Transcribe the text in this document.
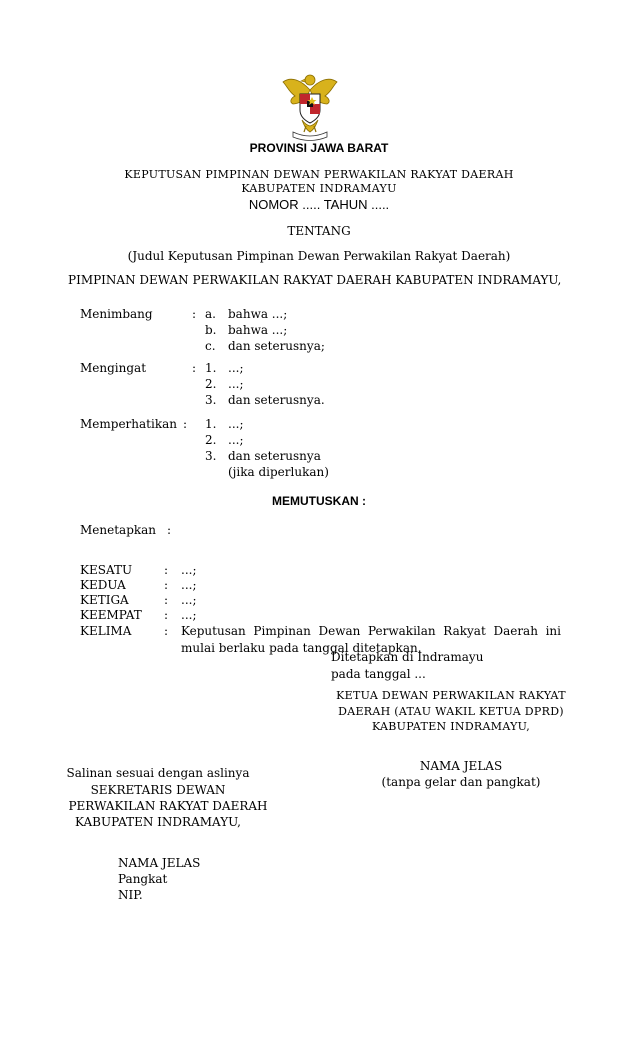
PROVINSI JAWA BARAT
KEPUTUSAN PIMPINAN DEWAN PERWAKILAN RAKYAT DAERAH
KABUPATEN INDRAMAYU
NOMOR ..... TAHUN .....
TENTANG
(Judul Keputusan Pimpinan Dewan Perwakilan Rakyat Daerah)
PIMPINAN DEWAN PERWAKILAN RAKYAT DAERAH KABUPATEN INDRAMAYU,
Menimbang	: a. bahwa ...;
b. bahwa ...;
c. dan seterusnya;
Mengingat	: 1. ...;
2. ...;
3. dan seterusnya.
Memperhatikan : 1. ...;
2. ...;
3. dan seterusnya
(jika diperlukan)
MEMUTUSKAN :
Menetapkan :
KESATU	: ...;
KEDUA	: ...;
KETIGA	: ...;
KEEMPAT : ...;
KELIMA	: Keputusan Pimpinan Dewan Perwakilan Rakyat Daerah ini
mulai berlaku pada tanggal ditetapkan.
Ditetapkan di Indramayu
pada tanggal ...
KETUA DEWAN PERWAKILAN RAKYAT
DAERAH (ATAU WAKIL KETUA DPRD)
KABUPATEN INDRAMAYU,
NAMA JELAS
(tanpa gelar dan pangkat)
Salinan sesuai dengan aslinya
SEKRETARIS DEWAN
PERWAKILAN RAKYAT DAERAH
KABUPATEN INDRAMAYU,
NAMA JELAS
Pangkat
NIP.
